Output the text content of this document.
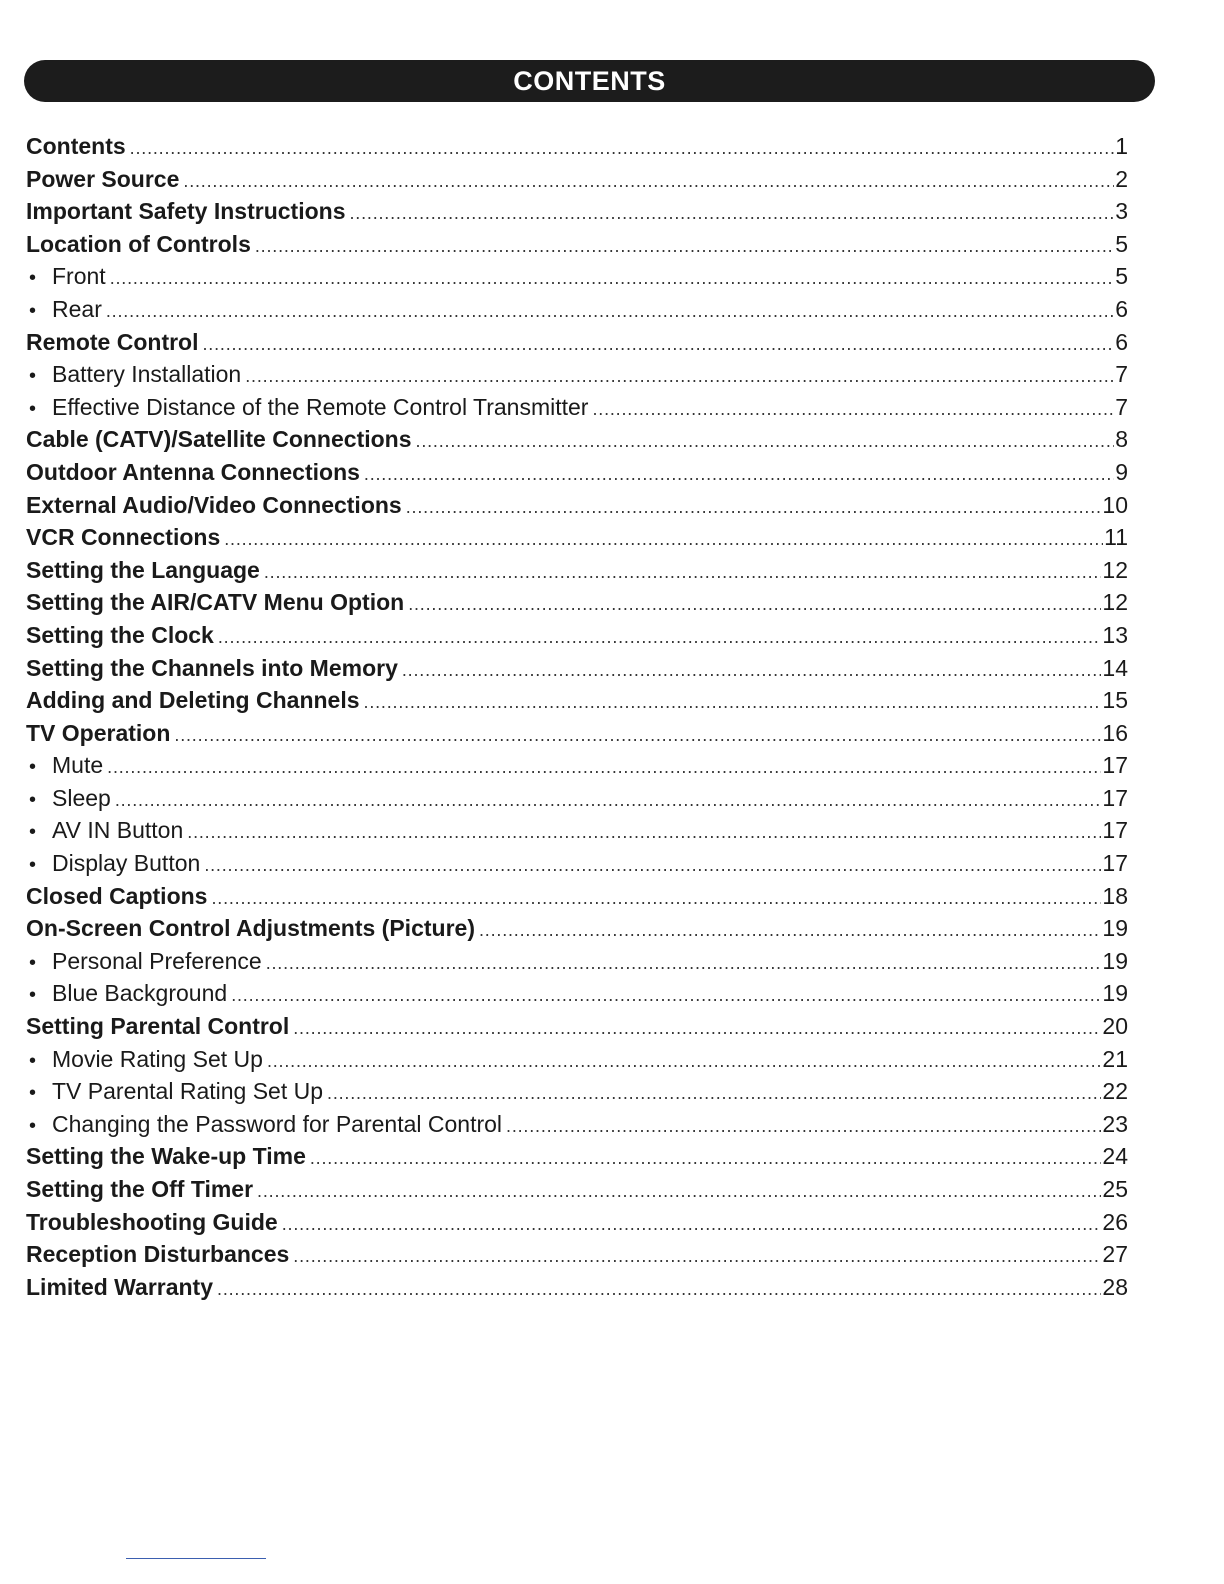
CONTENTS
Contents .....	1
Power Source .....	2
Important Safety Instructions .....	3
Location of Controls .....	5
• Front .....	5
• Rear .....	6
Remote Control .....	6
• Battery Installation .....	7
• Effective Distance of the Remote Control Transmitter .....	7
Cable (CATV)/Satellite Connections .....	8
Outdoor Antenna Connections .....	9
External Audio/Video Connections .....	10
VCR Connections .....	11
Setting the Language .....	12
Setting the AIR/CATV Menu Option .....	12
Setting the Clock .....	13
Setting the Channels into Memory .....	14
Adding and Deleting Channels .....	15
TV Operation .....	16
• Mute .....	17
• Sleep .....	17
• AV IN Button .....	17
• Display Button .....	17
Closed Captions .....	18
On-Screen Control Adjustments (Picture) .....	19
• Personal Preference .....	19
• Blue Background .....	19
Setting Parental Control .....	20
• Movie Rating Set Up .....	21
• TV Parental Rating Set Up .....	22
• Changing the Password for Parental Control .....	23
Setting the Wake-up Time .....	24
Setting the Off Timer .....	25
Troubleshooting Guide .....	26
Reception Disturbances .....	27
Limited Warranty .....	28
